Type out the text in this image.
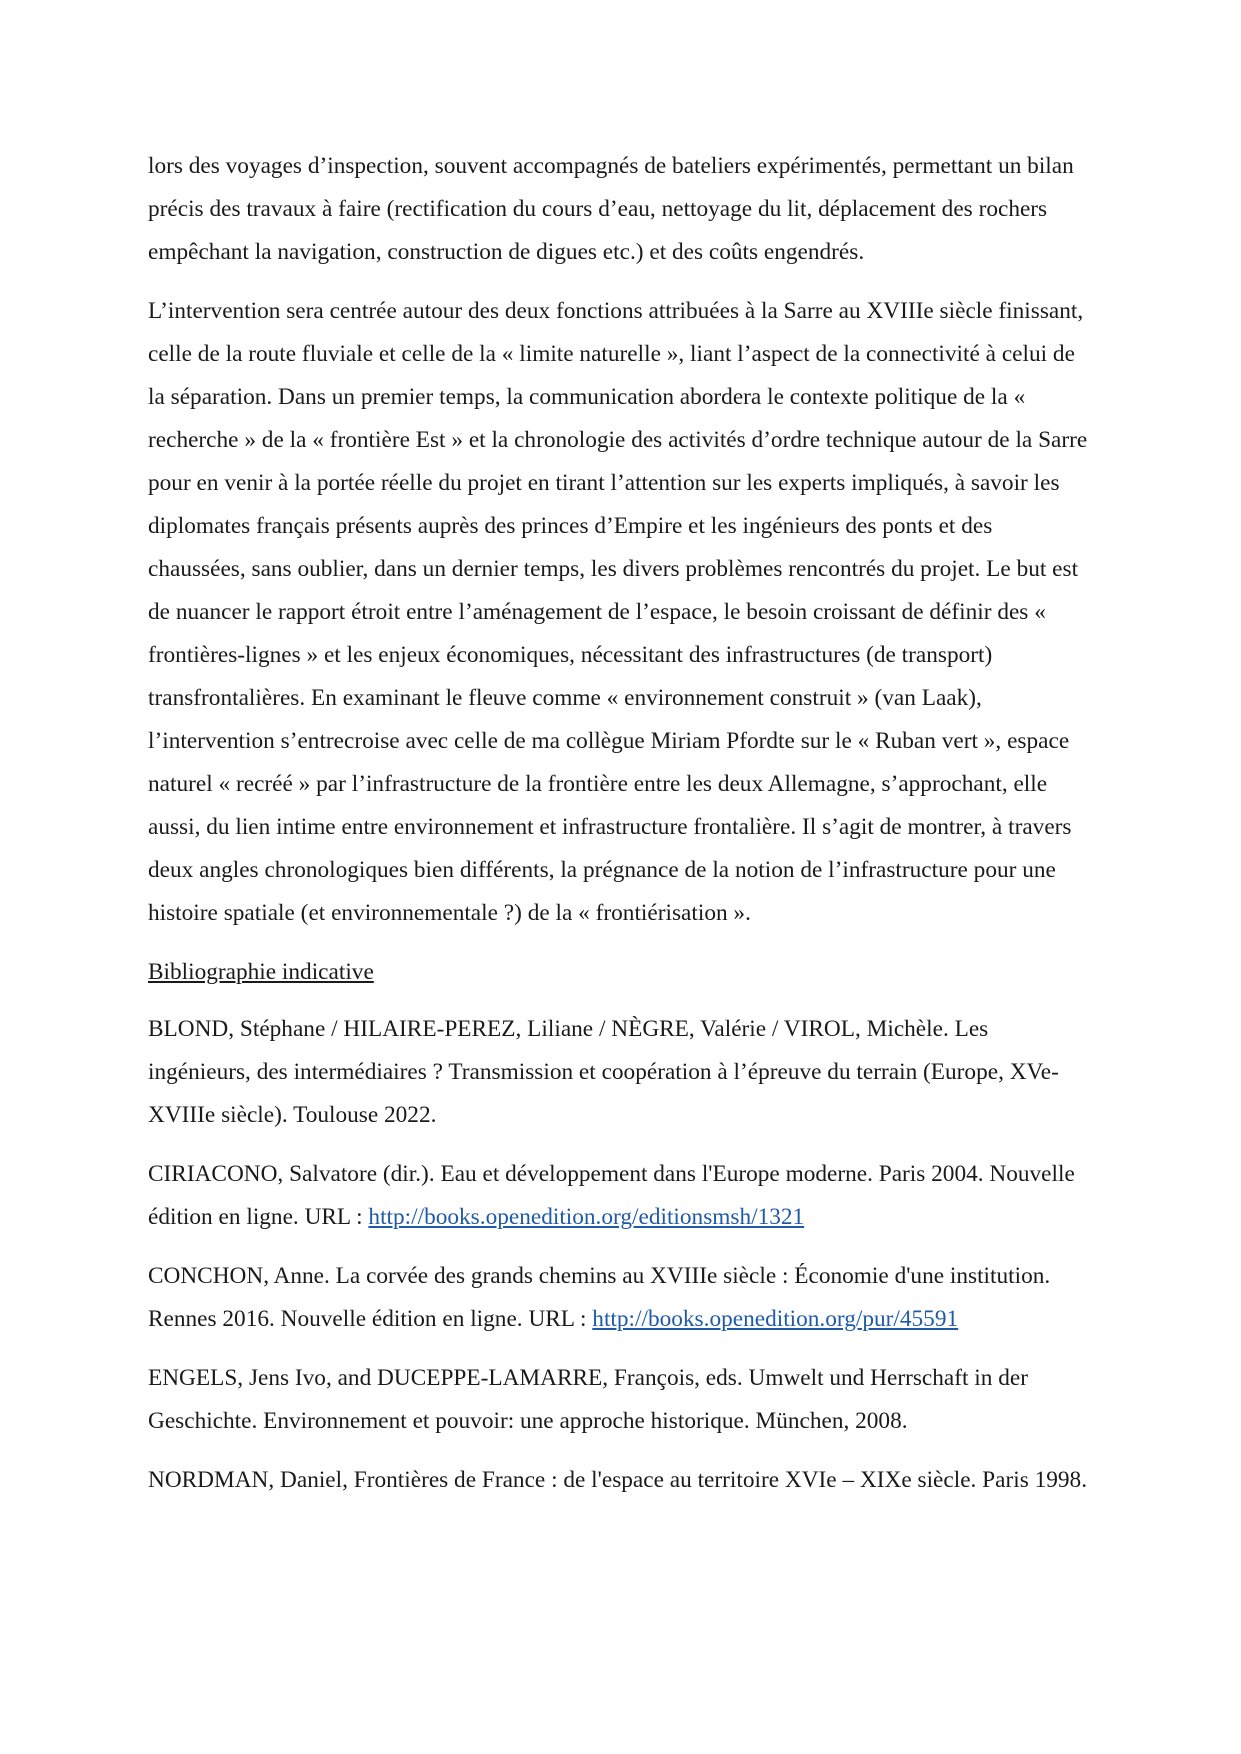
lors des voyages d’inspection, souvent accompagnés de bateliers expérimentés, permettant un bilan précis des travaux à faire (rectification du cours d’eau, nettoyage du lit, déplacement des rochers empêchant la navigation, construction de digues etc.) et des coûts engendrés.

L’intervention sera centrée autour des deux fonctions attribuées à la Sarre au XVIIIe siècle finissant, celle de la route fluviale et celle de la « limite naturelle », liant l’aspect de la connectivité à celui de la séparation. Dans un premier temps, la communication abordera le contexte politique de la « recherche » de la « frontière Est » et la chronologie des activités d’ordre technique autour de la Sarre pour en venir à la portée réelle du projet en tirant l’attention sur les experts impliqués, à savoir les diplomates français présents auprès des princes d’Empire et les ingénieurs des ponts et des chaussées, sans oublier, dans un dernier temps, les divers problèmes rencontrés du projet. Le but est de nuancer le rapport étroit entre l’aménagement de l’espace, le besoin croissant de définir des « frontières-lignes » et les enjeux économiques, nécessitant des infrastructures (de transport) transfrontalières. En examinant le fleuve comme « environnement construit » (van Laak), l’intervention s’entrecroise avec celle de ma collègue Miriam Pfordte sur le « Ruban vert », espace naturel « recréé » par l’infrastructure de la frontière entre les deux Allemagne, s’approchant, elle aussi, du lien intime entre environnement et infrastructure frontalière. Il s’agit de montrer, à travers deux angles chronologiques bien différents, la prégnance de la notion de l’infrastructure pour une histoire spatiale (et environnementale ?) de la « frontiérisation ».

Bibliographie indicative

BLOND, Stéphane / HILAIRE-PEREZ, Liliane / NÈGRE, Valérie / VIROL, Michèle. Les ingénieurs, des intermédiaires ? Transmission et coopération à l’épreuve du terrain (Europe, XVe-XVIIIe siècle). Toulouse 2022.

CIRIACONO, Salvatore (dir.). Eau et développement dans l'Europe moderne. Paris 2004. Nouvelle édition en ligne. URL : http://books.openedition.org/editionsmsh/1321

CONCHON, Anne. La corvée des grands chemins au XVIIIe siècle : Économie d'une institution. Rennes 2016. Nouvelle édition en ligne. URL : http://books.openedition.org/pur/45591

ENGELS, Jens Ivo, and DUCEPPE-LAMARRE, François, eds. Umwelt und Herrschaft in der Geschichte. Environnement et pouvoir: une approche historique. München, 2008.

NORDMAN, Daniel, Frontières de France : de l'espace au territoire XVIe – XIXe siècle. Paris 1998.
